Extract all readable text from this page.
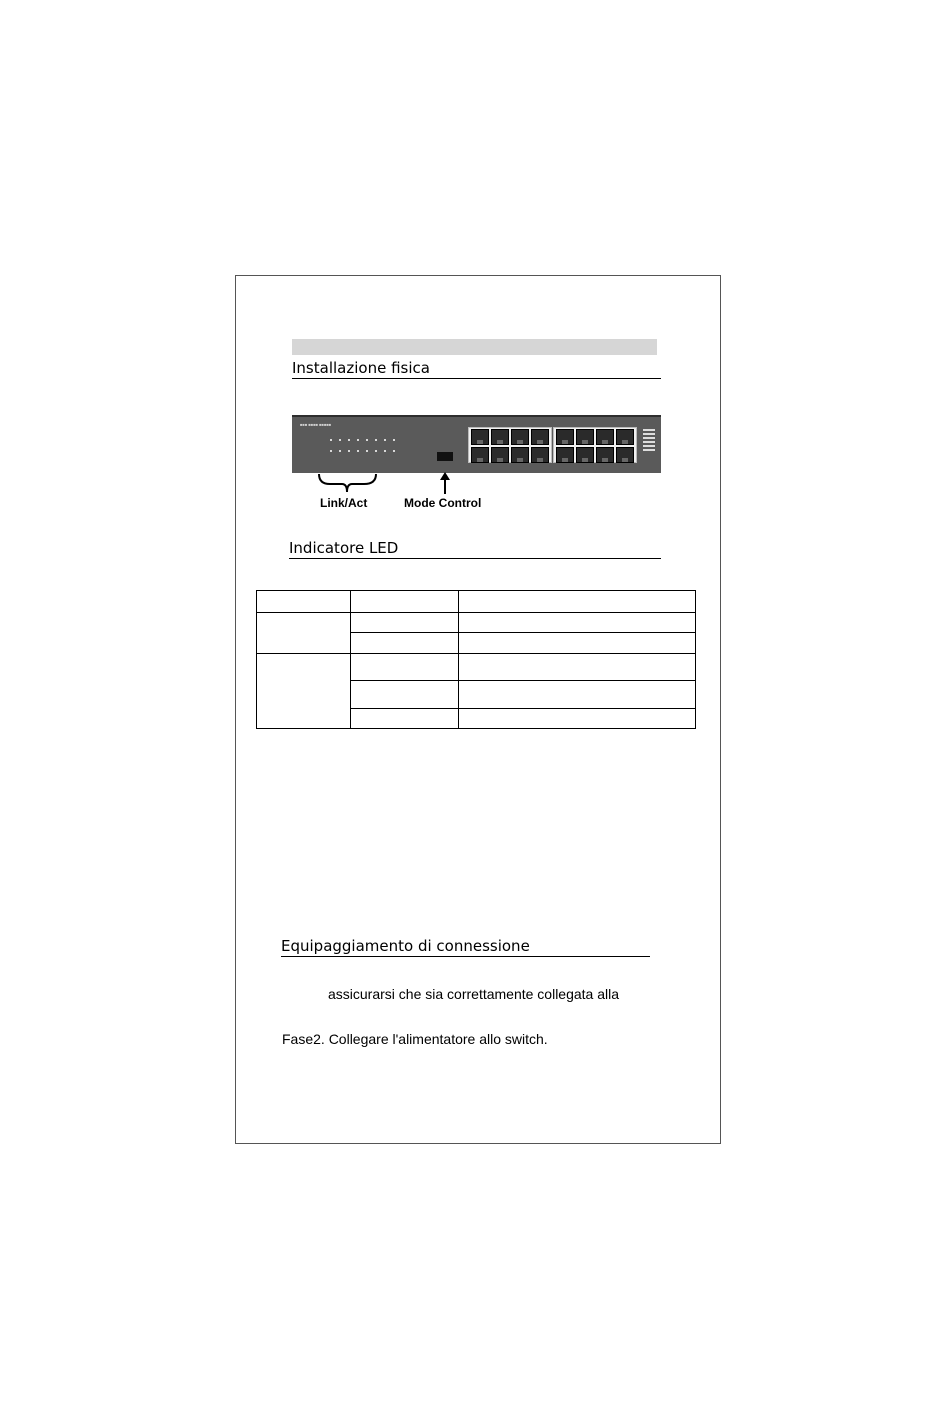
Installazione fisica
■■■ ■■■■ ■■■■■
Link/Act	Mode Control
Indicatore LED

Equipaggiamento di connessione
assicurarsi che sia correttamente collegata alla
Fase2. Collegare l'alimentatore allo switch.
